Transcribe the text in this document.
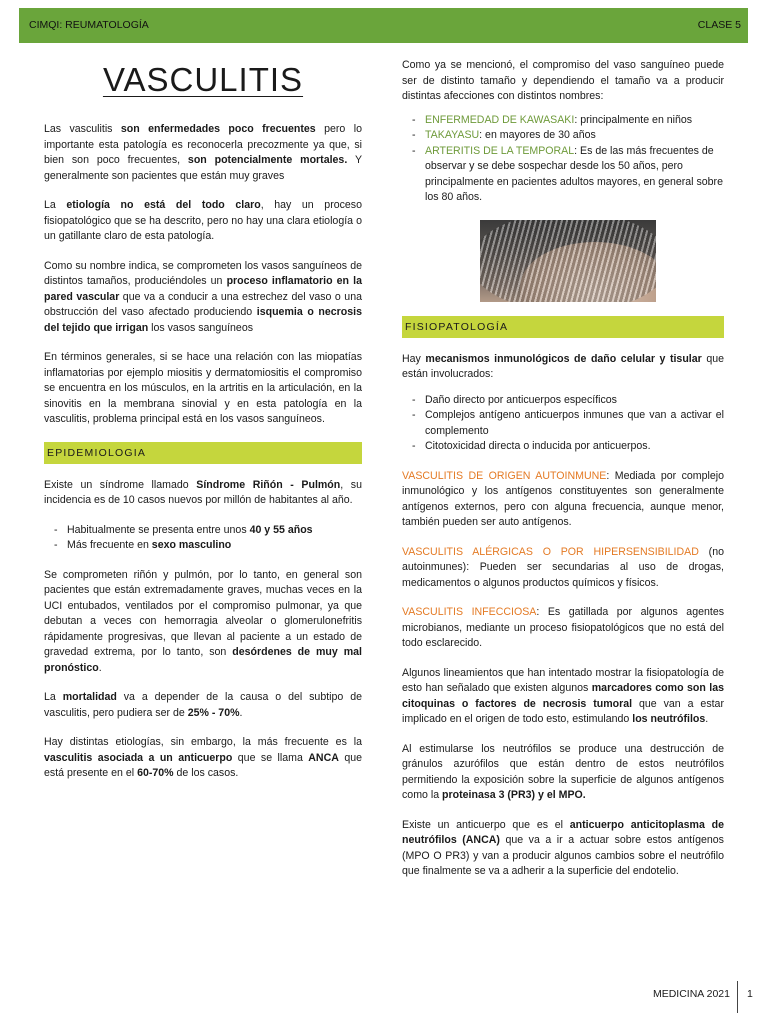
CIMQI: REUMATOLOGÍA	CLASE 5
VASCULITIS

Las vasculitis son enfermedades poco frecuentes pero lo importante esta patología es reconocerla precozmente ya que, si bien son poco frecuentes, son potencialmente mortales. Y generalmente son pacientes que están muy graves

La etiología no está del todo claro, hay un proceso fisiopatológico que se ha descrito, pero no hay una clara etiología o un gatillante claro de esta patología.

Como su nombre indica, se comprometen los vasos sanguíneos de distintos tamaños, produciéndoles un proceso inflamatorio en la pared vascular que va a conducir a una estrechez del vaso o una obstrucción del vaso afectado produciendo isquemia o necrosis del tejido que irrigan los vasos sanguíneos

En términos generales, si se hace una relación con las miopatías inflamatorias por ejemplo miositis y dermatomiositis el compromiso se encuentra en los músculos, en la artritis en la articulación, en la sinovitis en la membrana sinovial y en esta patología en la vasculitis, problema principal está en los vasos sanguíneos.

EPIDEMIOLOGIA

Existe un síndrome llamado Síndrome Riñón - Pulmón, su incidencia es de 10 casos nuevos por millón de habitantes al año.

- Habitualmente se presenta entre unos 40 y 55 años
- Más frecuente en sexo masculino

Se comprometen riñón y pulmón, por lo tanto, en general son pacientes que están extremadamente graves, muchas veces en la UCI entubados, ventilados por el compromiso pulmonar, ya que debutan a veces con hemorragia alveolar o glomerulonefritis rápidamente progresivas, que llevan al paciente a un estado de gravedad extrema, por lo tanto, son desórdenes de muy mal pronóstico.

La mortalidad va a depender de la causa o del subtipo de vasculitis, pero pudiera ser de 25% - 70%.

Hay distintas etiologías, sin embargo, la más frecuente es la vasculitis asociada a un anticuerpo que se llama ANCA que está presente en el 60-70% de los casos.

Como ya se mencionó, el compromiso del vaso sanguíneo puede ser de distinto tamaño y dependiendo el tamaño va a producir distintas afecciones con distintos nombres:

- ENFERMEDAD DE KAWASAKI: principalmente en niños
- TAKAYASU: en mayores de 30 años
- ARTERITIS DE LA TEMPORAL: Es de las más frecuentes de observar y se debe sospechar desde los 50 años, pero principalmente en pacientes adultos mayores, en general sobre los 80 años.
FISIOPATOLOGÍA

Hay mecanismos inmunológicos de daño celular y tisular que están involucrados:

- Daño directo por anticuerpos específicos
- Complejos antígeno anticuerpos inmunes que van a activar el complemento
- Citotoxicidad directa o inducida por anticuerpos.

VASCULITIS DE ORIGEN AUTOINMUNE: Mediada por complejo inmunológico y los antígenos constituyentes son generalmente antígenos externos, pero con alguna frecuencia, aunque menor, también pueden ser auto antígenos.

VASCULITIS ALÉRGICAS O POR HIPERSENSIBILIDAD (no autoinmunes): Pueden ser secundarias al uso de drogas, medicamentos o algunos productos químicos y físicos.

VASCULITIS INFECCIOSA: Es gatillada por algunos agentes microbianos, mediante un proceso fisiopatológicos que no está del todo esclarecido.

Algunos lineamientos que han intentado mostrar la fisiopatología de esto han señalado que existen algunos marcadores como son las citoquinas o factores de necrosis tumoral que van a estar implicado en el origen de todo esto, estimulando los neutrófilos.

Al estimularse los neutrófilos se produce una destrucción de gránulos azurófilos que están dentro de estos neutrófilos permitiendo la exposición sobre la superficie de algunos antígenos como la proteinasa 3 (PR3) y el MPO.

Existe un anticuerpo que es el anticuerpo anticitoplasma de neutrófilos (ANCA) que va a ir a actuar sobre estos antígenos (MPO O PR3) y van a producir algunos cambios sobre el neutrófilo que finalmente se va a adherir a la superficie del endotelio.

MEDICINA 2021 1
